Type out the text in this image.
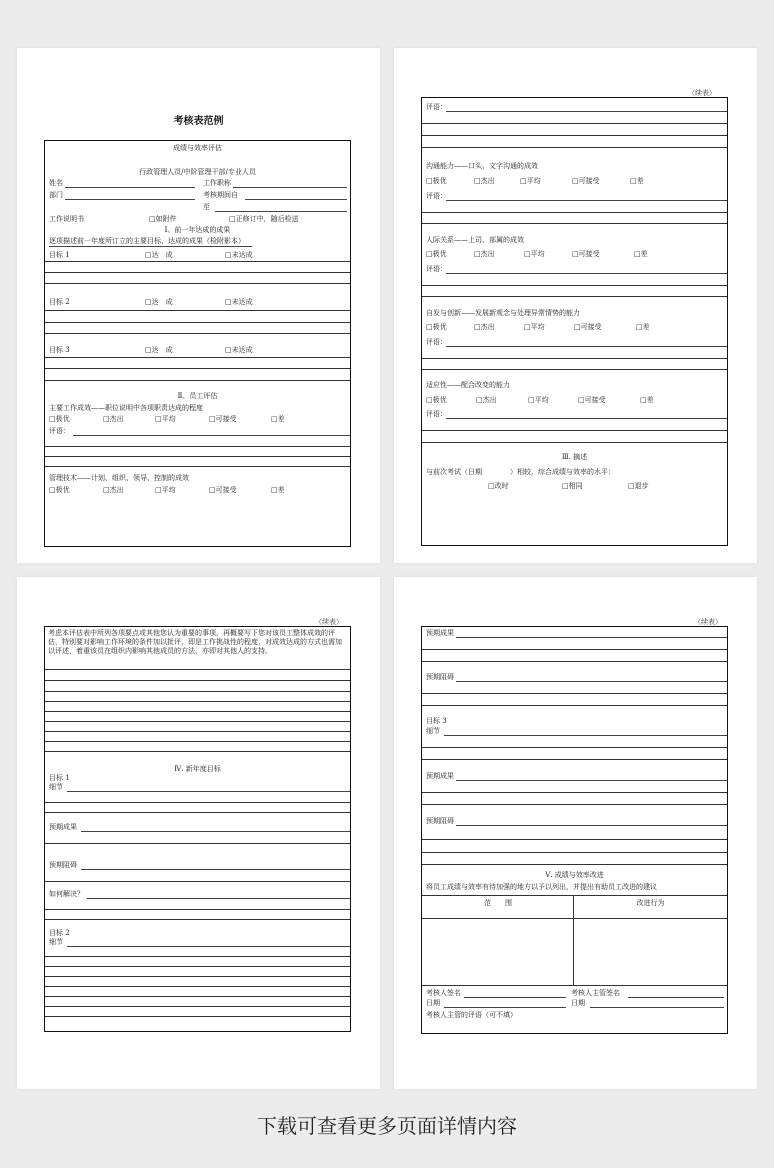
考核表范例
成绩与效率评估
行政管理人员/中阶管理干部/专业人员
姓名	工作职称
部门	考核期间自
至
工作说明书	□如附件	□正修订中，随后检送
Ⅰ、前一年达成的成果
逐项描述前一年度所订立的主要目标、达成的成果（检附影本）
目标 1	□达　成	□未达成
目标 2	□达　成	□未达成
目标 3	□达　成	□未达成
Ⅱ、员工评估
主要工作成效——职位说明中各项职责达成的程度
□极优	□杰出	□平均	□可接受	□差
评语：
管理技术——计划、组织、领导、控制的成效
□极优	□杰出	□平均	□可接受	□差
（续表）
评语：
沟通能力——口头、文字沟通的成效
□极优	□杰出	□平均	□可接受	□差
评语：
人际关系——上司、部属的成效
□极优	□杰出	□平均	□可接受	□差
评语：
自发与创新——发展新观念与处理异常情势的能力
□极优	□杰出	□平均	□可接受	□差
评语：
适应性——配合改变的能力
□极优	□杰出	□平均	□可接受	□差
评语：
Ⅲ. 摘述
与前次考试（日期　　　　）相较，综合成绩与效率的水平：
□改时	□相同	□退步
（续表）
考虑本评估表中所列各项要点或其他您认为重要的事项，再概要写下您对该员工整体成效的评估，特别要对影响工作环境的条件加以批评，即是工作挑战性的程度，对成效达成的方式也需加以评述，着重该员在组织内影响其他成员的方法，亦即对其他人的支持。
Ⅳ. 新年度目标
目标 1
细节
预期成果
预期阻碍
如何解决？
目标 2
细节
（续表）
预期成果
预期阻碍
目标 3
细节
预期成果
预期阻碍
Ⅴ. 成绩与效率改进
将员工成绩与效率有待加强的地方以予以列出，并提出有助员工改进的建议
范　　围	改进行为
考核人签名	考核人主管签名
日期	日期
考核人主管的评语（可不填）
下载可查看更多页面详情内容
